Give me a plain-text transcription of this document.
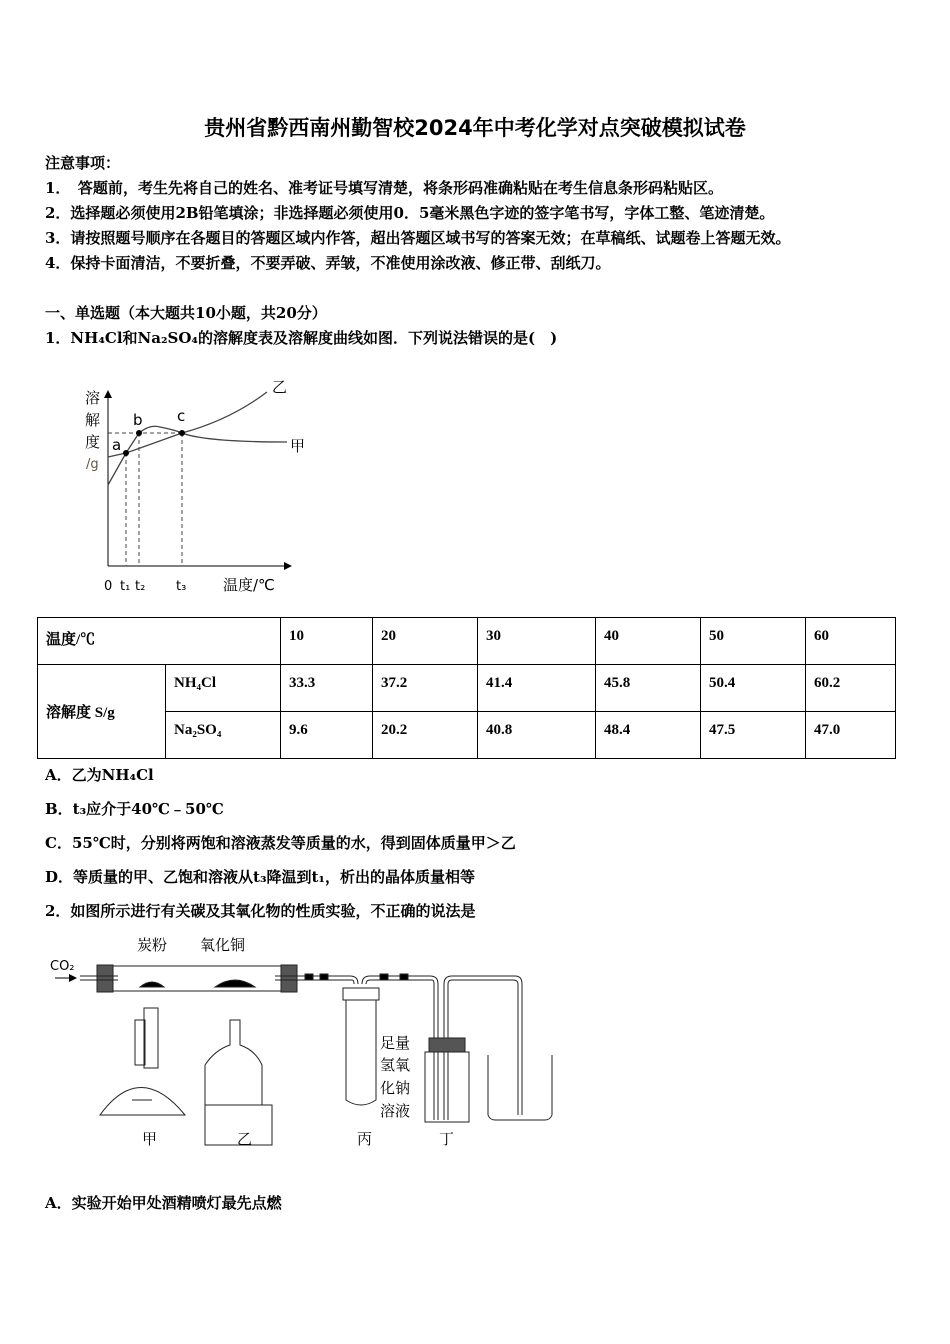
贵州省黔西南州勤智校2024年中考化学对点突破模拟试卷
注意事项：
1．　答题前，考生先将自己的姓名、准考证号填写清楚，将条形码准确粘贴在考生信息条形码粘贴区。
2．选择题必须使用2B铅笔填涂；非选择题必须使用0．5毫米黑色字迹的签字笔书写，字体工整、笔迹清楚。
3．请按照题号顺序在各题目的答题区域内作答，超出答题区域书写的答案无效；在草稿纸、试题卷上答题无效。
4．保持卡面清洁，不要折叠，不要弄破、弄皱，不准使用涂改液、修正带、刮纸刀。
一、单选题（本大题共10小题，共20分）
1．NH₄Cl和Na₂SO₄的溶解度表及溶解度曲线如图．下列说法错误的是(　)
溶
解
度
/g
a
b c
乙
甲
0 t₁ t₂ t₃ 温度/℃
温度/℃		10	20	30	40	50	60
溶解度 S/g	NH₄Cl	33.3	37.2	41.4	45.8	50.4	60.2
	Na₂SO₄	9.6	20.2	40.8	48.4	47.5	47.0
A．乙为NH₄Cl
B．t₃应介于40℃﹣50℃
C．55℃时，分别将两饱和溶液蒸发等质量的水，得到固体质量甲＞乙
D．等质量的甲、乙饱和溶液从t₃降温到t₁，析出的晶体质量相等
2．如图所示进行有关碳及其氧化物的性质实验，不正确的说法是
CO₂
炭粉 氧化铜
甲	乙	丙	丁
足量
氢氧
化钠
溶液
A．实验开始甲处酒精喷灯最先点燃
